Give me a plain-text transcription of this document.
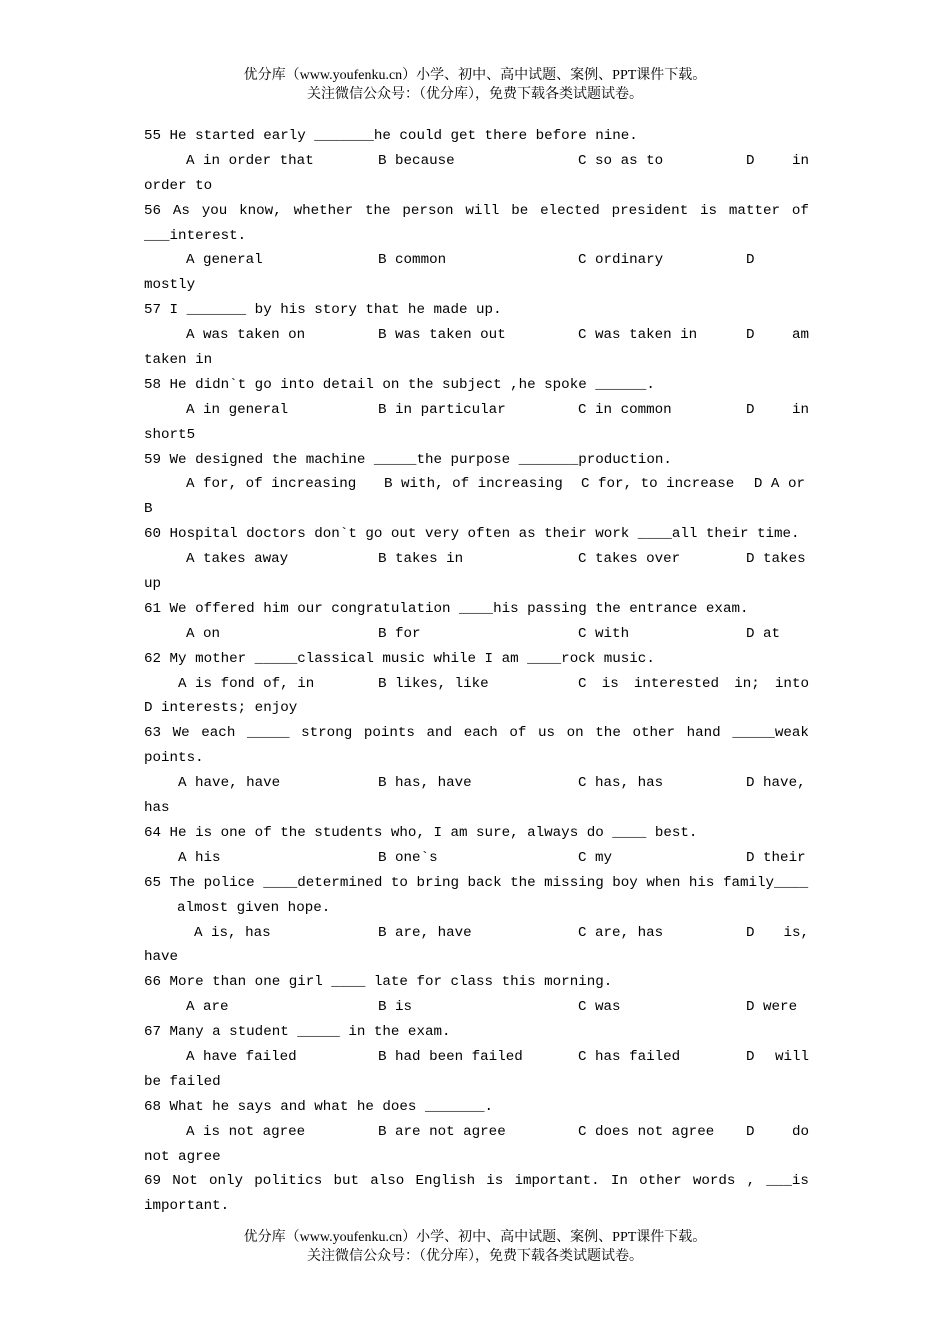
优分库（www.youfenku.cn）小学、初中、高中试题、案例、PPT课件下载。
关注微信公众号：（优分库），免费下载各类试题试卷。
55 He started early _______he could get there before nine.

A in order that

	B because

	C so as to

	D

	in

order to
56 As you know, whether the person will be elected president is matter of
___interest.

A general

	B common

	C ordinary

	D

mostly
57 I _______ by his story that he made up.

A was taken on

	B was taken out

	C was taken in

	D

	am

taken in
58 He didn`t go into detail on the subject ,he spoke ______.

A in general

	B in particular

	C in common

	D

	in

short5
59 We designed the machine _____the purpose _______production.

A for, of increasing

B with, of increasing

C for, to increase

D A or

B
60 Hospital doctors don`t go out very often as their work ____all their time.

A takes away

	B takes in

	C takes over

	D takes

up
61 We offered him our congratulation ____his passing the entrance exam.

A on

	B for

	C with

	D at

62 My mother _____classical music while I am ____rock music.

A is fond of, in

	B likes, like

	C is interested in; into

D interests; enjoy
63 We each _____ strong points and each of us on the other hand _____weak
points.

A have, have

	B has, have

	C has, has

	D have,

has
64 He is one of the students who, I am sure, always do ____ best.

A his

	B one`s

	C my

	D their

65 The police ____determined to bring back the missing boy when his family____
almost given hope.

A is, has

	B are, have

	C are, has

	D

is,

have
66 More than one girl ____ late for class this morning.

A are

	B is

	C was

	D were

67 Many a student _____ in the exam.

A have failed

	B had been failed

	C has failed

	D

will

be failed
68 What he says and what he does _______.

A is not agree

	B are not agree

	C does not agree

D

	do

not agree
69 Not only politics but also English is important. In other words , ___is
important.
优分库（www.youfenku.cn）小学、初中、高中试题、案例、PPT课件下载。
关注微信公众号：（优分库），免费下载各类试题试卷。
